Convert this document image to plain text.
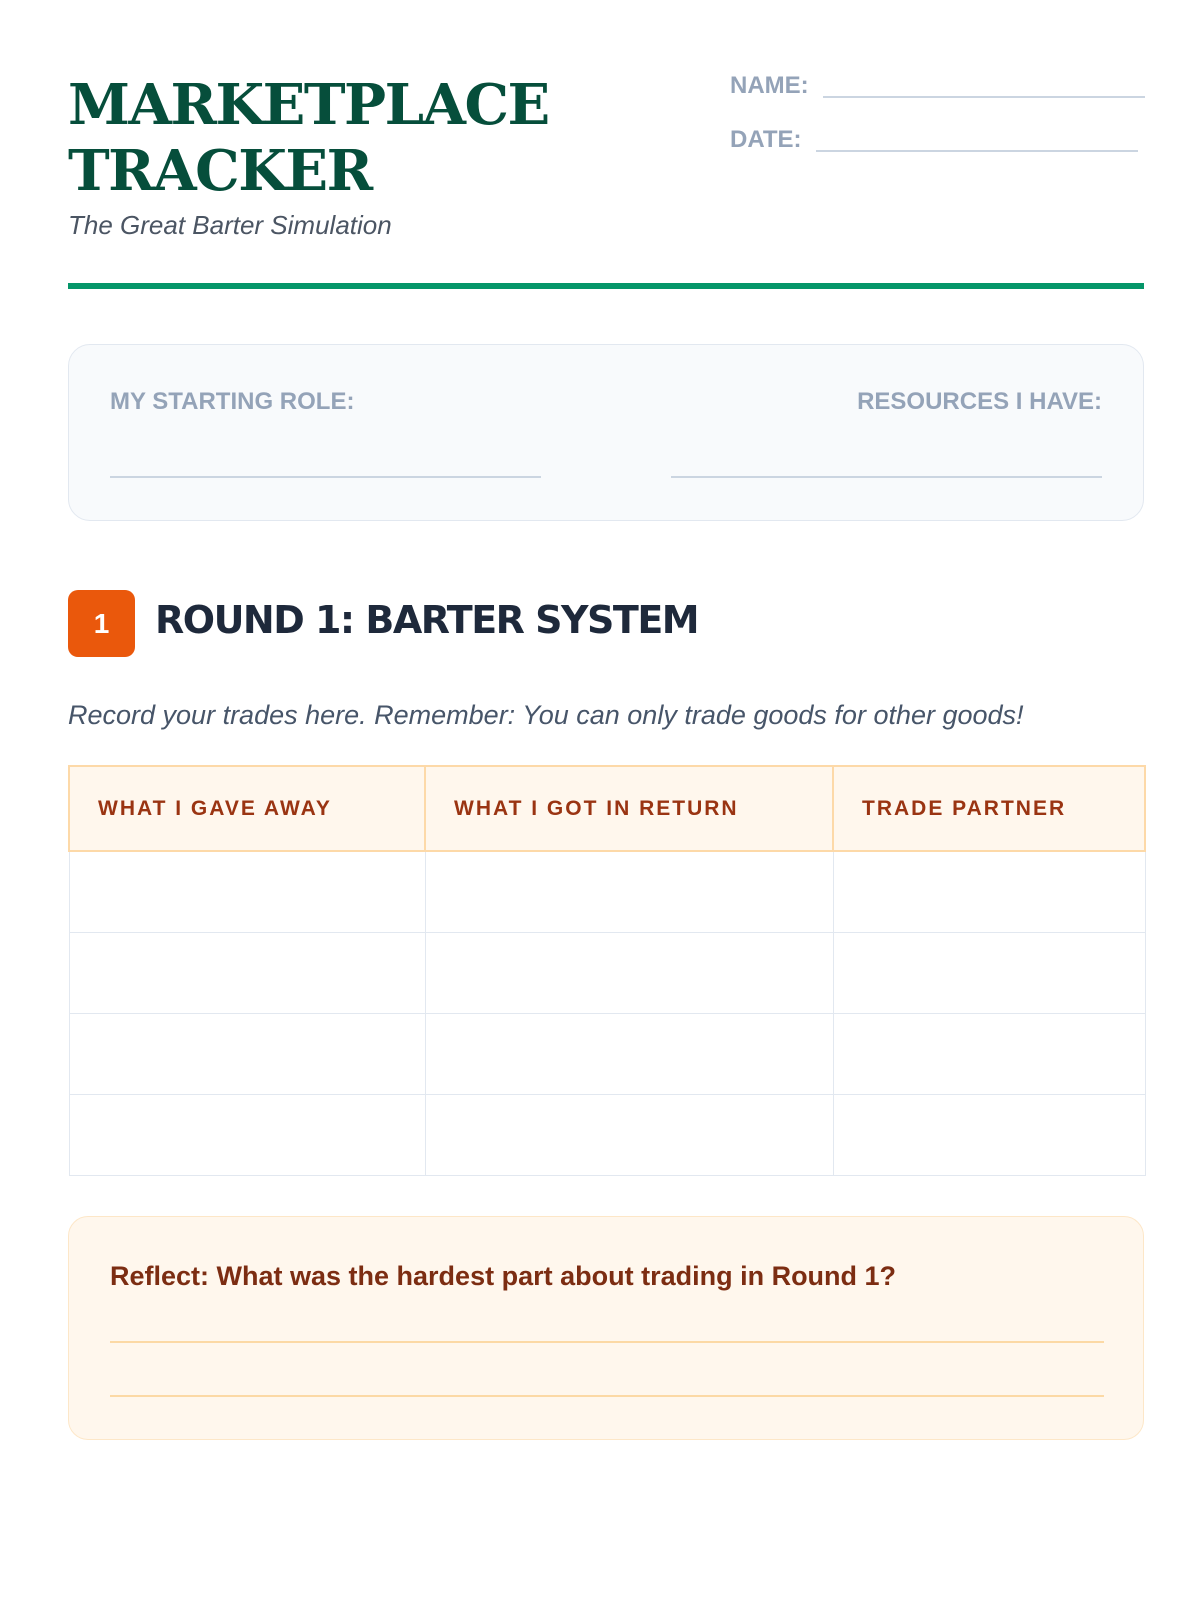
MARKETPLACE
TRACKER
The Great Barter Simulation
NAME:
DATE:
MY STARTING ROLE:	RESOURCES I HAVE:
1	ROUND 1: BARTER SYSTEM
Record your trades here. Remember: You can only trade goods for other goods!
WHAT I GAVE AWAY	WHAT I GOT IN RETURN	TRADE PARTNER

Reflect: What was the hardest part about trading in Round 1?
